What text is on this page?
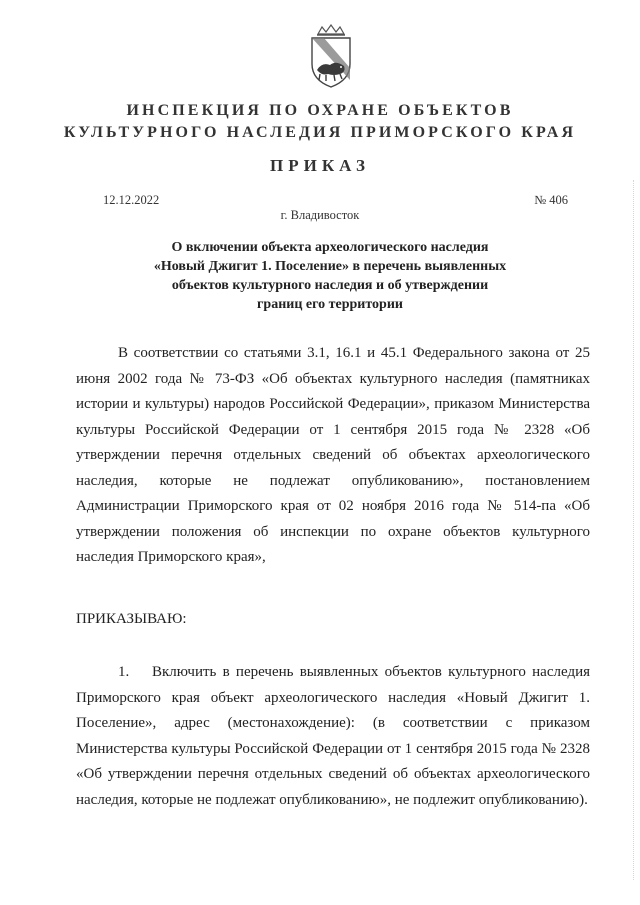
ИНСПЕКЦИЯ ПО ОХРАНЕ ОБЪЕКТОВ
КУЛЬТУРНОГО НАСЛЕДИЯ ПРИМОРСКОГО КРАЯ
ПРИКАЗ
12.12.2022	№ 406
г. Владивосток
О включении объекта археологического наследия
«Новый Джигит 1. Поселение» в перечень выявленных
объектов культурного наследия и об утверждении
границ его территории
В соответствии со статьями 3.1, 16.1 и 45.1 Федерального закона от 25 июня 2002 года № 73-ФЗ «Об объектах культурного наследия (памятниках истории и культуры) народов Российской Федерации», приказом Министерства культуры Российской Федерации от 1 сентября 2015 года № 2328 «Об утверждении перечня отдельных сведений об объектах археологического наследия, которые не подлежат опубликованию», постановлением Администрации Приморского края от 02 ноября 2016 года № 514-па «Об утверждении положения об инспекции по охране объектов культурного наследия Приморского края»,
ПРИКАЗЫВАЮ:
1. Включить в перечень выявленных объектов культурного наследия Приморского края объект археологического наследия «Новый Джигит 1. Поселение», адрес (местонахождение): (в соответствии с приказом Министерства культуры Российской Федерации от 1 сентября 2015 года № 2328 «Об утверждении перечня отдельных сведений об объектах археологического наследия, которые не подлежат опубликованию», не подлежит опубликованию).
